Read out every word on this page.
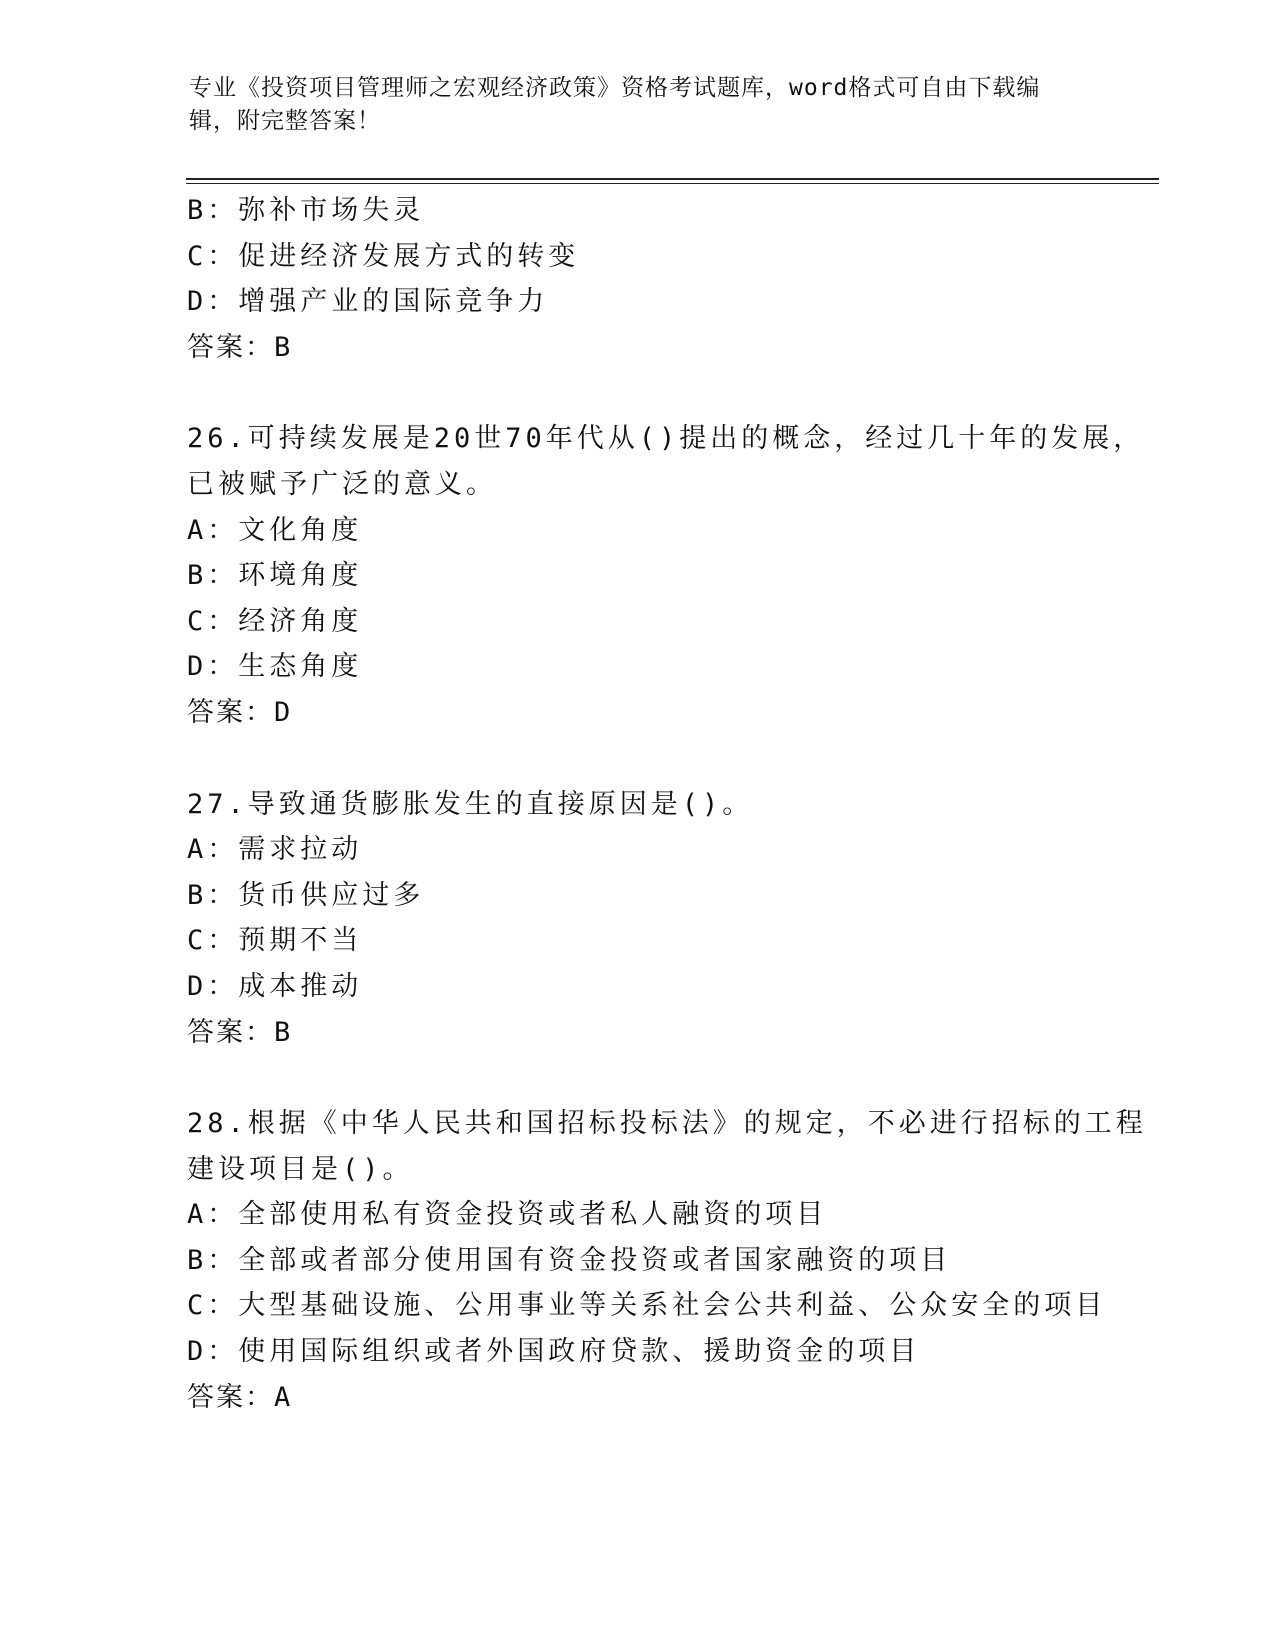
专业《投资项目管理师之宏观经济政策》资格考试题库，word格式可自由下载编辑，附完整答案！
B：弥补市场失灵
C：促进经济发展方式的转变
D：增强产业的国际竞争力
答案：B
26.可持续发展是20世70年代从()提出的概念，经过几十年的发展，已被赋予广泛的意义。
A：文化角度
B：环境角度
C：经济角度
D：生态角度
答案：D
27.导致通货膨胀发生的直接原因是()。
A：需求拉动
B：货币供应过多
C：预期不当
D：成本推动
答案：B
28.根据《中华人民共和国招标投标法》的规定，不必进行招标的工程建设项目是()。
A：全部使用私有资金投资或者私人融资的项目
B：全部或者部分使用国有资金投资或者国家融资的项目
C：大型基础设施、公用事业等关系社会公共利益、公众安全的项目
D：使用国际组织或者外国政府贷款、援助资金的项目
答案：A
